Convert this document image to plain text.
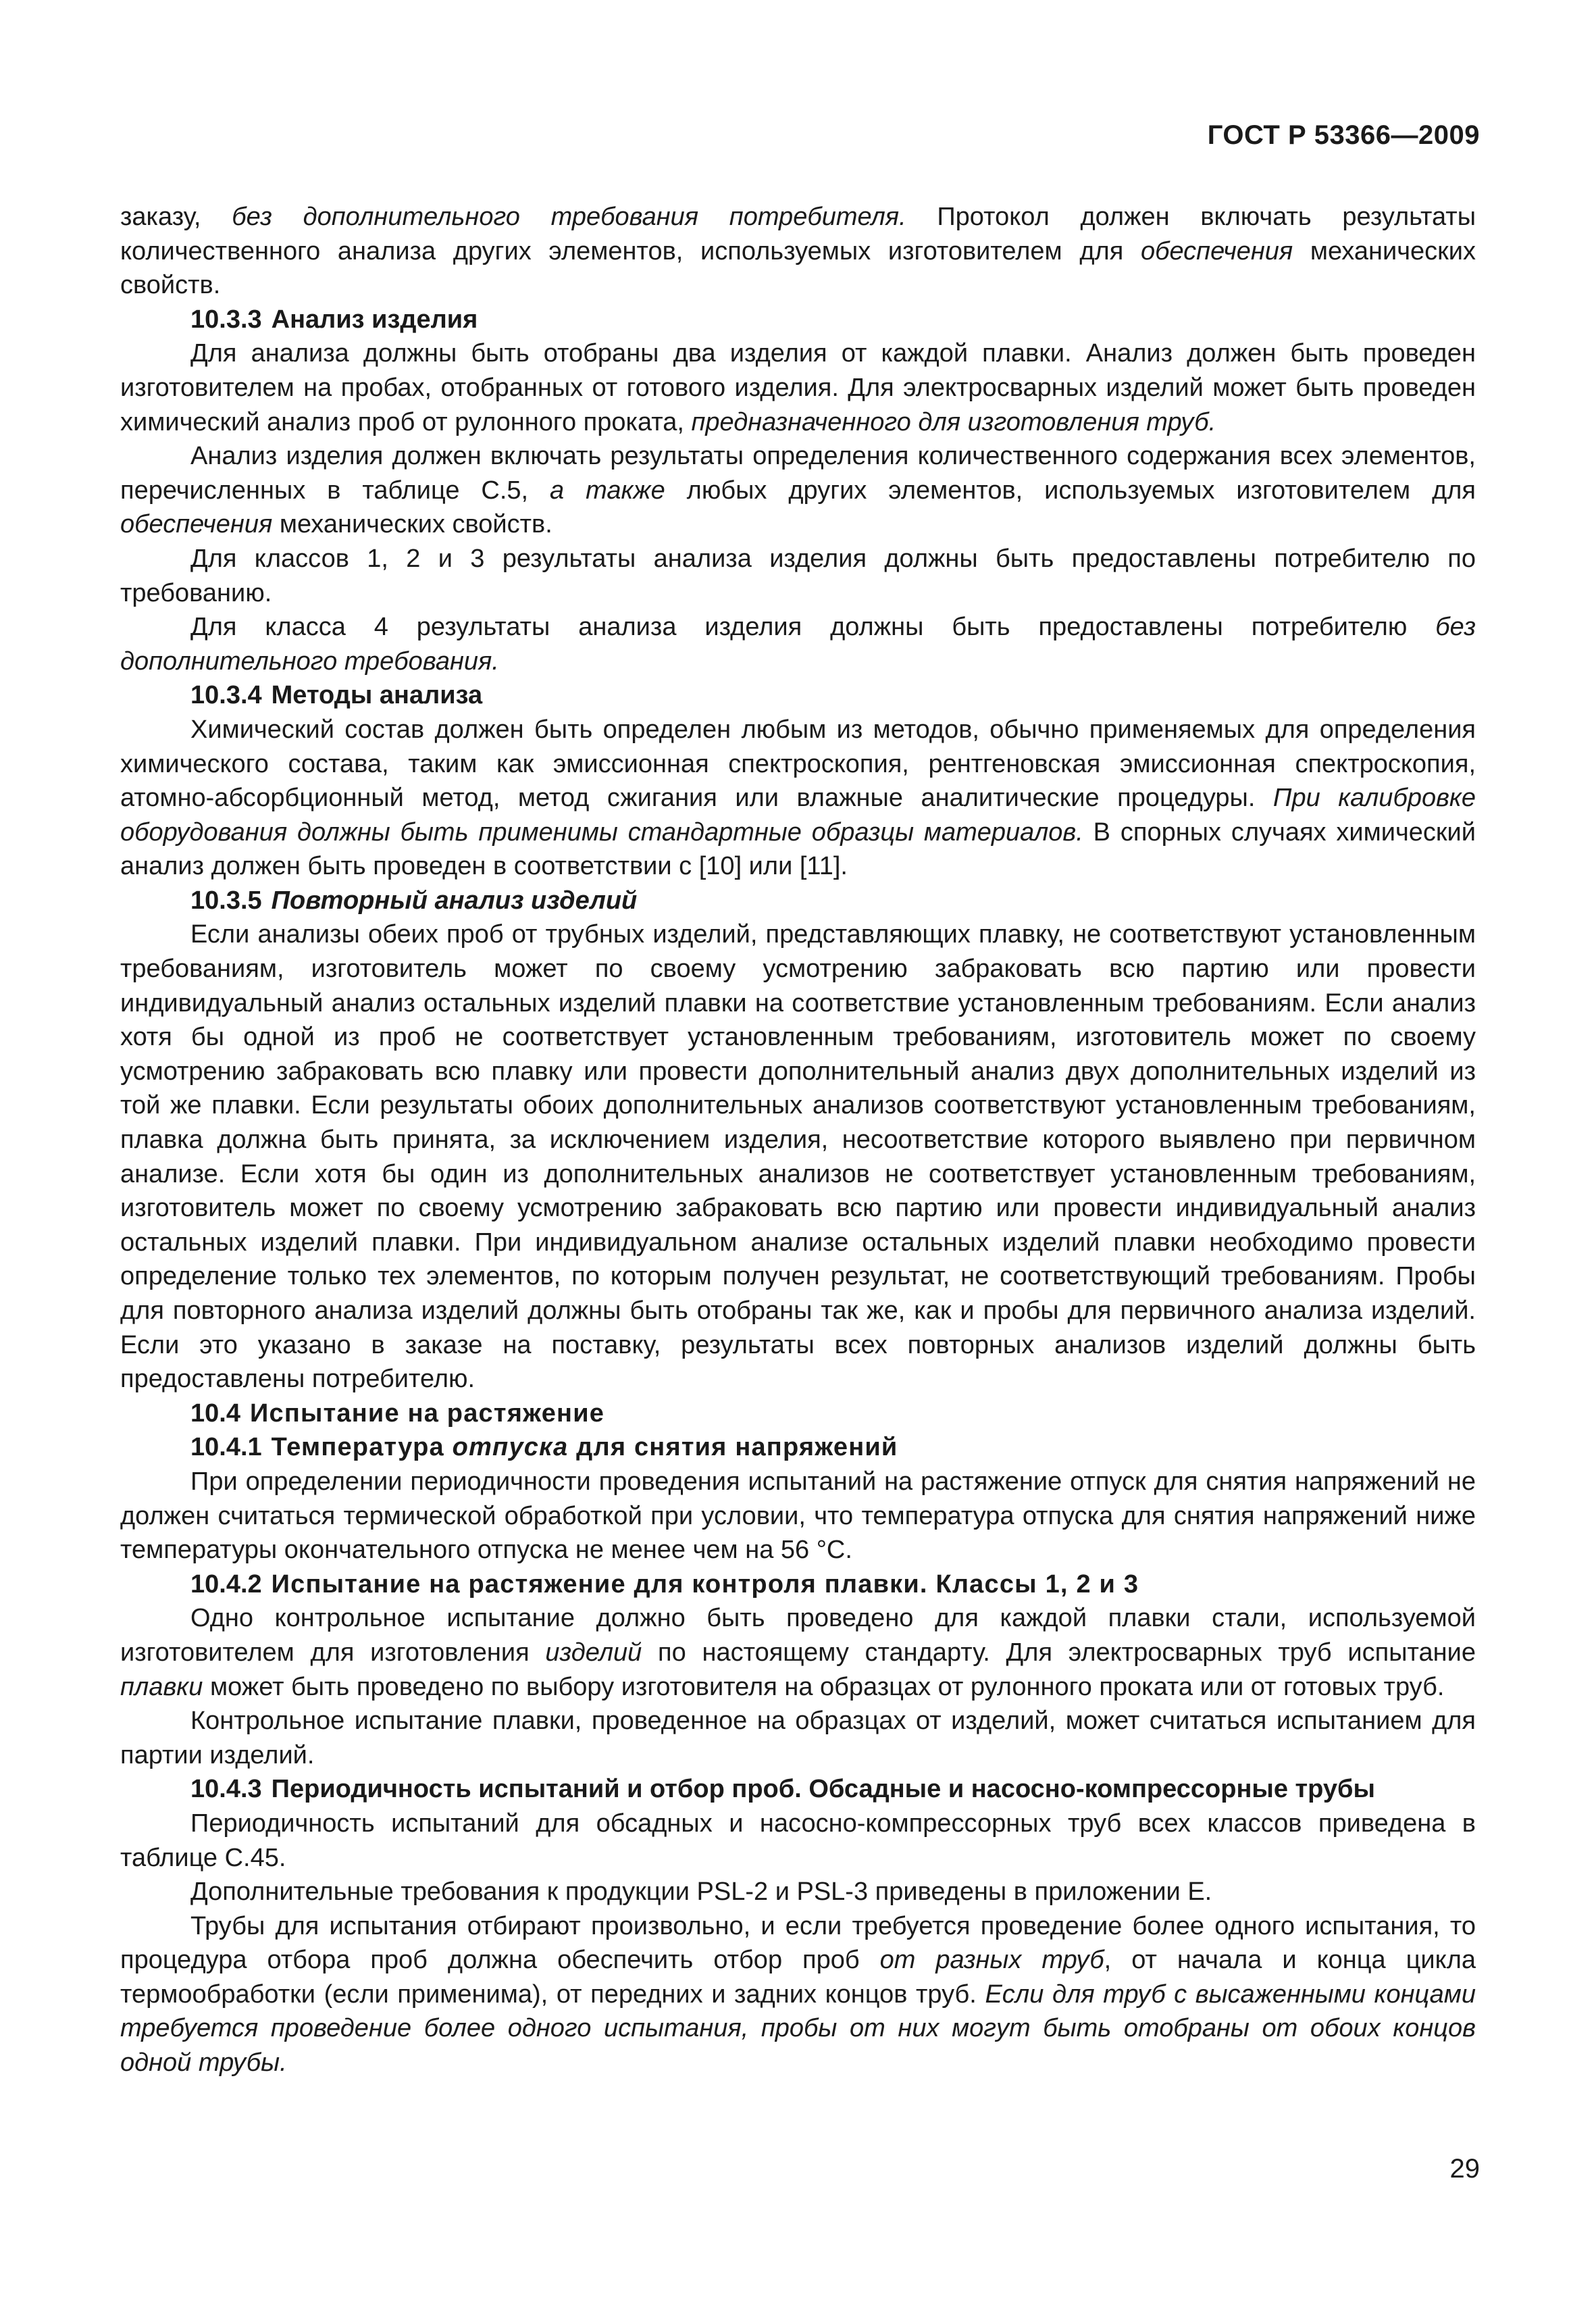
ГОСТ Р 53366—2009

заказу, без дополнительного требования потребителя. Протокол должен включать результаты количественного анализа других элементов, используемых изготовителем для обеспечения механических свойств.

10.3.3 Анализ изделия

Для анализа должны быть отобраны два изделия от каждой плавки. Анализ должен быть проведен изготовителем на пробах, отобранных от готового изделия. Для электросварных изделий может быть проведен химический анализ проб от рулонного проката, предназначенного для изготовления труб.

Анализ изделия должен включать результаты определения количественного содержания всех элементов, перечисленных в таблице С.5, а также любых других элементов, используемых изготовителем для обеспечения механических свойств.

Для классов 1, 2 и 3 результаты анализа изделия должны быть предоставлены потребителю по требованию.

Для класса 4 результаты анализа изделия должны быть предоставлены потребителю без дополнительного требования.

10.3.4 Методы анализа

Химический состав должен быть определен любым из методов, обычно применяемых для определения химического состава, таким как эмиссионная спектроскопия, рентгеновская эмиссионная спектроскопия, атомно-абсорбционный метод, метод сжигания или влажные аналитические процедуры. При калибровке оборудования должны быть применимы стандартные образцы материалов. В спорных случаях химический анализ должен быть проведен в соответствии с [10] или [11].

10.3.5 Повторный анализ изделий

Если анализы обеих проб от трубных изделий, представляющих плавку, не соответствуют установленным требованиям, изготовитель может по своему усмотрению забраковать всю партию или провести индивидуальный анализ остальных изделий плавки на соответствие установленным требованиям. Если анализ хотя бы одной из проб не соответствует установленным требованиям, изготовитель может по своему усмотрению забраковать всю плавку или провести дополнительный анализ двух дополнительных изделий из той же плавки. Если результаты обоих дополнительных анализов соответствуют установленным требованиям, плавка должна быть принята, за исключением изделия, несоответствие которого выявлено при первичном анализе. Если хотя бы один из дополнительных анализов не соответствует установленным требованиям, изготовитель может по своему усмотрению забраковать всю партию или провести индивидуальный анализ остальных изделий плавки. При индивидуальном анализе остальных изделий плавки необходимо провести определение только тех элементов, по которым получен результат, не соответствующий требованиям. Пробы для повторного анализа изделий должны быть отобраны так же, как и пробы для первичного анализа изделий. Если это указано в заказе на поставку, результаты всех повторных анализов изделий должны быть предоставлены потребителю.

10.4 Испытание на растяжение
10.4.1 Температура отпуска для снятия напряжений

При определении периодичности проведения испытаний на растяжение отпуск для снятия напряжений не должен считаться термической обработкой при условии, что температура отпуска для снятия напряжений ниже температуры окончательного отпуска не менее чем на 56 °С.

10.4.2 Испытание на растяжение для контроля плавки. Классы 1, 2 и 3

Одно контрольное испытание должно быть проведено для каждой плавки стали, используемой изготовителем для изготовления изделий по настоящему стандарту. Для электросварных труб испытание плавки может быть проведено по выбору изготовителя на образцах от рулонного проката или от готовых труб.

Контрольное испытание плавки, проведенное на образцах от изделий, может считаться испытанием для партии изделий.

10.4.3 Периодичность испытаний и отбор проб. Обсадные и насосно-компрессорные трубы

Периодичность испытаний для обсадных и насосно-компрессорных труб всех классов приведена в таблице С.45.

Дополнительные требования к продукции PSL-2 и PSL-3 приведены в приложении Е.

Трубы для испытания отбирают произвольно, и если требуется проведение более одного испытания, то процедура отбора проб должна обеспечить отбор проб от разных труб, от начала и конца цикла термообработки (если применима), от передних и задних концов труб. Если для труб с высаженными концами требуется проведение более одного испытания, пробы от них могут быть отобраны от обоих концов одной трубы.

29
